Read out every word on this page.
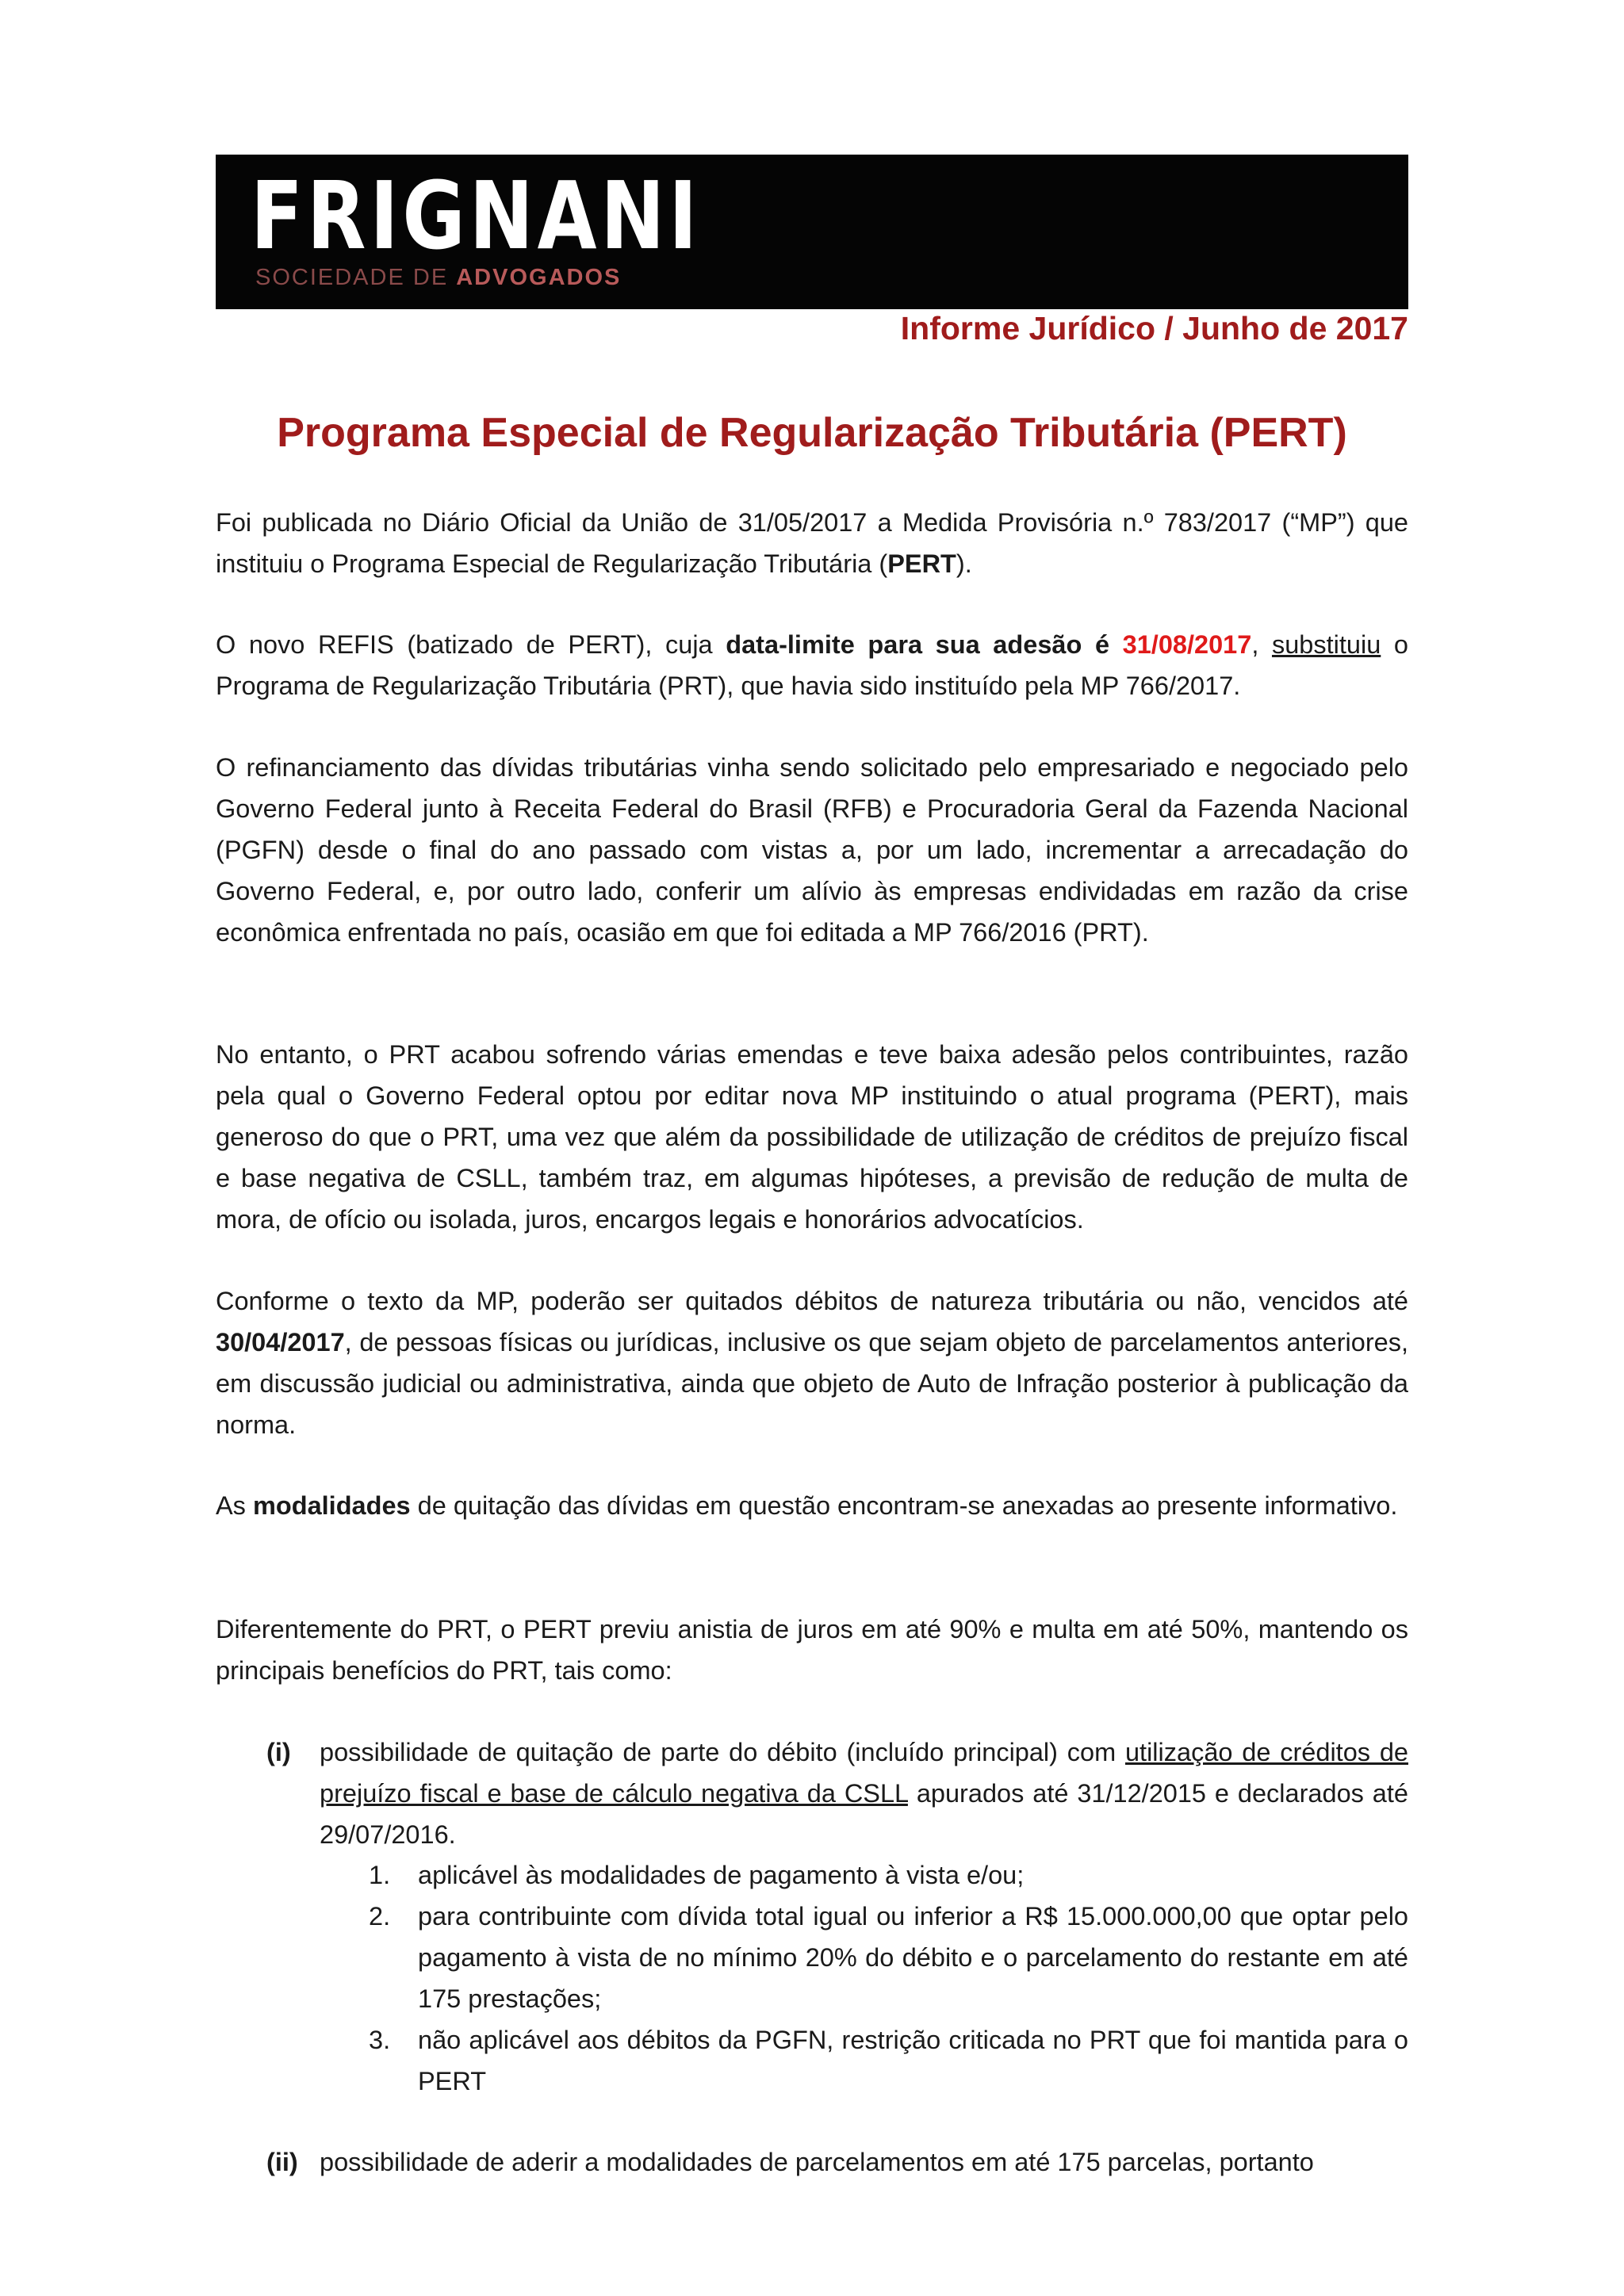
FRIGNANI
SOCIEDADE DE ADVOGADOS
Informe Jurídico / Junho de 2017
Programa Especial de Regularização Tributária (PERT)
Foi publicada no Diário Oficial da União de 31/05/2017 a Medida Provisória n.º 783/2017 (“MP”) que instituiu o Programa Especial de Regularização Tributária (PERT).
O novo REFIS (batizado de PERT), cuja data-limite para sua adesão é 31/08/2017, substituiu o Programa de Regularização Tributária (PRT), que havia sido instituído pela MP 766/2017.
O refinanciamento das dívidas tributárias vinha sendo solicitado pelo empresariado e negociado pelo Governo Federal junto à Receita Federal do Brasil (RFB) e Procuradoria Geral da Fazenda Nacional (PGFN) desde o final do ano passado com vistas a, por um lado, incrementar a arrecadação do Governo Federal, e, por outro lado, conferir um alívio às empresas endividadas em razão da crise econômica enfrentada no país, ocasião em que foi editada a MP 766/2016 (PRT).
No entanto, o PRT acabou sofrendo várias emendas e teve baixa adesão pelos contribuintes, razão pela qual o Governo Federal optou por editar nova MP instituindo o atual programa (PERT), mais generoso do que o PRT, uma vez que além da possibilidade de utilização de créditos de prejuízo fiscal e base negativa de CSLL, também traz, em algumas hipóteses, a previsão de redução de multa de mora, de ofício ou isolada, juros, encargos legais e honorários advocatícios.
Conforme o texto da MP, poderão ser quitados débitos de natureza tributária ou não, vencidos até 30/04/2017, de pessoas físicas ou jurídicas, inclusive os que sejam objeto de parcelamentos anteriores, em discussão judicial ou administrativa, ainda que objeto de Auto de Infração posterior à publicação da norma.
As modalidades de quitação das dívidas em questão encontram-se anexadas ao presente informativo.
Diferentemente do PRT, o PERT previu anistia de juros em até 90% e multa em até 50%, mantendo os principais benefícios do PRT, tais como:
(i) possibilidade de quitação de parte do débito (incluído principal) com utilização de créditos de prejuízo fiscal e base de cálculo negativa da CSLL apurados até 31/12/2015 e declarados até 29/07/2016.
1. aplicável às modalidades de pagamento à vista e/ou;
2. para contribuinte com dívida total igual ou inferior a R$ 15.000.000,00 que optar pelo pagamento à vista de no mínimo 20% do débito e o parcelamento do restante em até 175 prestações;
3. não aplicável aos débitos da PGFN, restrição criticada no PRT que foi mantida para o PERT
(ii) possibilidade de aderir a modalidades de parcelamentos em até 175 parcelas, portanto
